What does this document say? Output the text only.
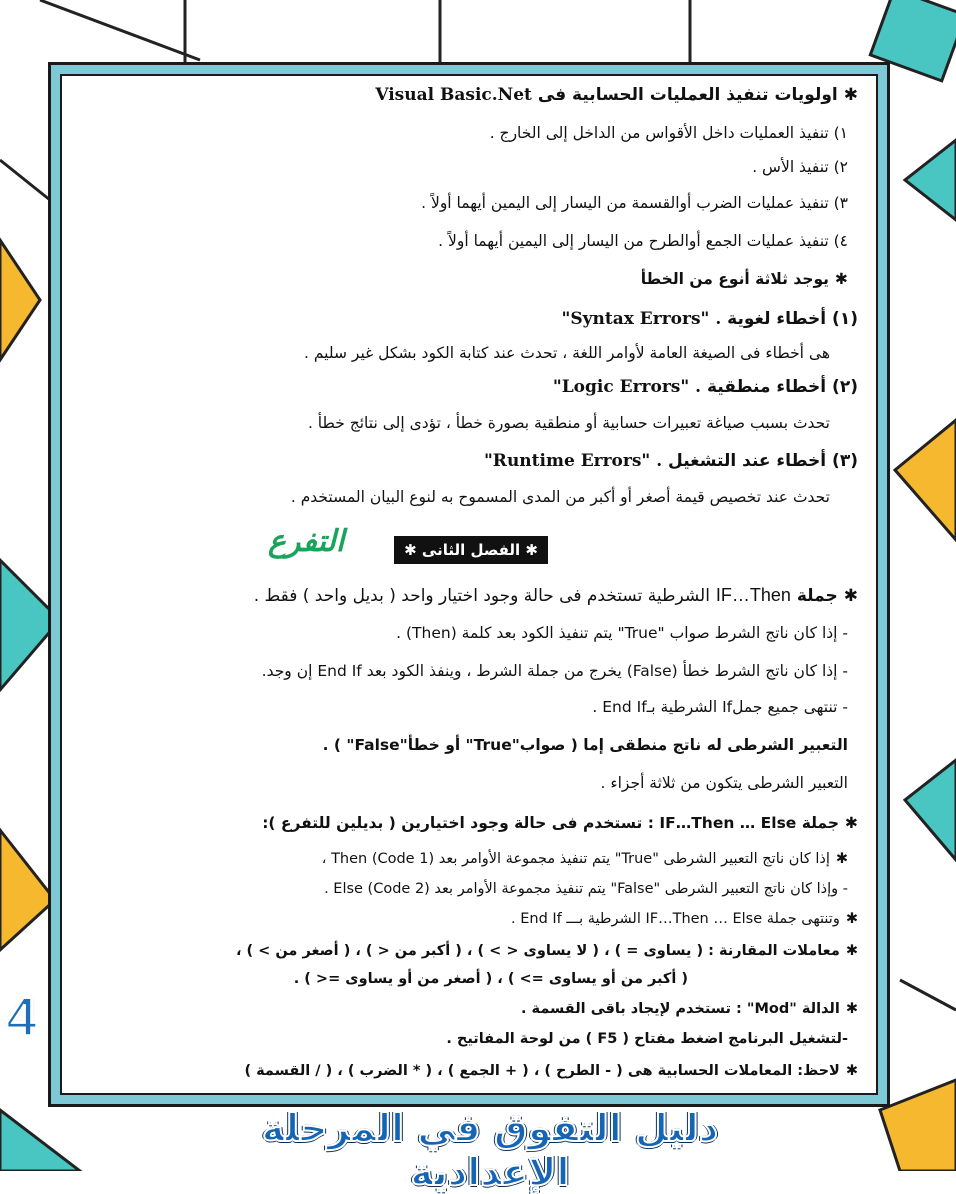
✱اولويات تنفيذ العمليات الحسابية فى Visual Basic.Net
١) تنفيذ العمليات داخل الأقواس من الداخل إلى الخارج .
٢) تنفيذ الأس .
٣) تنفيذ عمليات الضرب أوالقسمة من اليسار إلى اليمين أيهما أولاً .
٤) تنفيذ عمليات الجمع أوالطرح من اليسار إلى اليمين أيهما أولاً .
✱يوجد ثلاثة أنوع من الخطأ
(١) أخطاء لغوية "Syntax Errors" .
هى أخطاء فى الصيغة العامة لأوامر اللغة ، تحدث عند كتابة الكود بشكل غير سليم .
(٢) أخطاء منطقية "Logic Errors" .
تحدث بسبب صياغة تعبيرات حسابية أو منطقية بصورة خطأ ، تؤدى إلى نتائج خطأ .
(٣) أخطاء عند التشغيل "Runtime Errors" .
تحدث عند تخصيص قيمة أصغر أو أكبر من المدى المسموح به لنوع البيان المستخدم .
✱ الفصل الثانى ✱
✱جملة IF…Then الشرطية تستخدم فى حالة وجود اختيار واحد ( بديل واحد ) فقط .
- إذا كان ناتج الشرط صواب "True" يتم تنفيذ الكود بعد كلمة (Then) .
- إذا كان ناتج الشرط خطأ (False) يخرج من جملة الشرط ، وينفذ الكود بعد End If إن وجد.
- تنتهى جميع جملIf الشرطية بـEnd If .
التعبير الشرطى له ناتج منطقى إما ( صواب"True" أو خطأ"False" ) .
التعبير الشرطى يتكون من ثلاثة أجزاء .
✱جملة IF…Then … Else : تستخدم فى حالة وجود اختيارين ( بديلين للتفرع ):
✱إذا كان ناتج التعبير الشرطى "True" يتم تنفيذ مجموعة الأوامر بعد Then (Code 1) ،
- وإذا كان ناتج التعبير الشرطى "False" يتم تنفيذ مجموعة الأوامر بعد Else (Code 2) .
✱وتنتهى جملة IF…Then … Else الشرطية بـــ End If .
✱معاملات المقارنة : ( يساوى = ) ، ( لا يساوى < > ) ، ( أكبر من < ) ، ( أصغر من > ) ،
( أكبر من أو يساوى => ) ، ( أصغر من أو يساوى =< ) .
✱الدالة "Mod" : تستخدم لإيجاد باقى القسمة .
-لتشغيل البرنامج اضغط مفتاح ( F5 ) من لوحة المفاتيح .
✱لاحظ: المعاملات الحسابية هى ( - الطرح ) ، ( + الجمع ) ، ( * الضرب ) ، ( / القسمة )
التفرع
4
دليل التفوق في المرحلة الإعدادية
